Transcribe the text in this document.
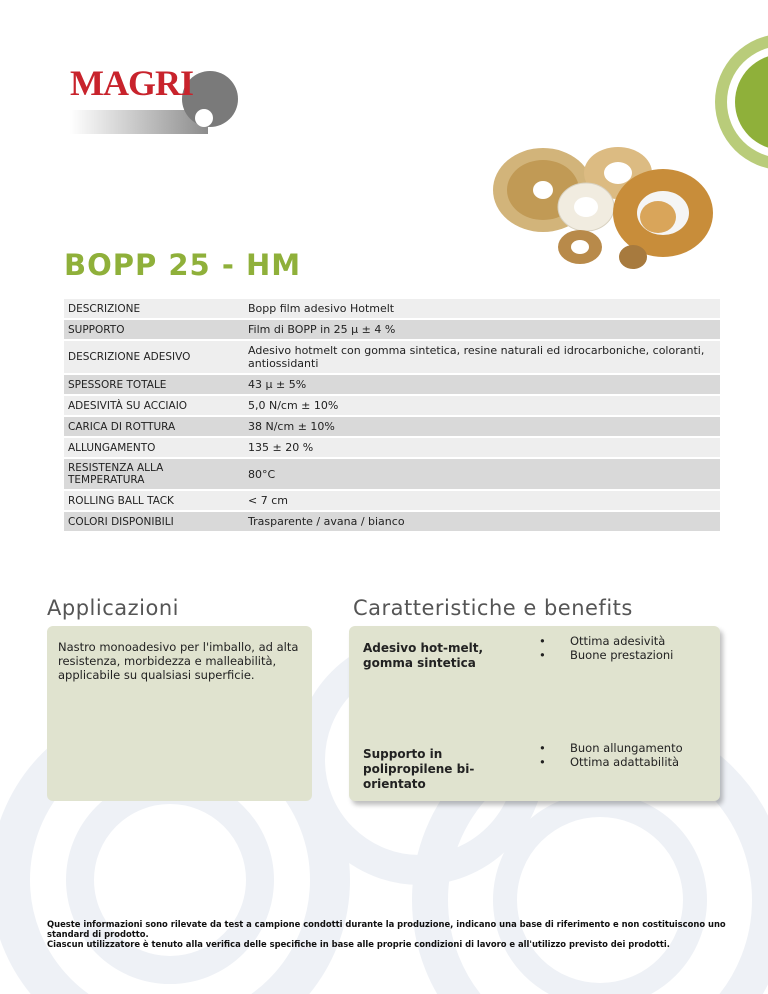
MAGRI
BOPP 25 - HM
DESCRIZIONE	Bopp film adesivo Hotmelt
SUPPORTO	Film di BOPP in 25 μ ± 4 %
DESCRIZIONE ADESIVO	Adesivo hotmelt con gomma sintetica, resine naturali ed idrocarboniche, coloranti, antiossidanti
SPESSORE TOTALE	43 μ ± 5%
ADESIVITÀ SU ACCIAIO	5,0 N/cm ± 10%
CARICA DI ROTTURA	38 N/cm ± 10%
ALLUNGAMENTO	135 ± 20 %
RESISTENZA ALLA TEMPERATURA	80°C
ROLLING BALL TACK	< 7 cm
COLORI DISPONIBILI	Trasparente / avana / bianco
Applicazioni	Caratteristiche e benefits
Nastro monoadesivo per l'imballo, ad alta resistenza, morbidezza e malleabilità, applicabile su qualsiasi superficie.
Adesivo hot-melt, gomma sintetica
• Ottima adesività
• Buone prestazioni
Supporto in polipropilene bi-orientato
• Buon allungamento
• Ottima adattabilità
Queste informazioni sono rilevate da test a campione condotti durante la produzione, indicano una base di riferimento e non costituiscono uno standard di prodotto.
Ciascun utilizzatore è tenuto alla verifica delle specifiche in base alle proprie condizioni di lavoro e all'utilizzo previsto dei prodotti.
